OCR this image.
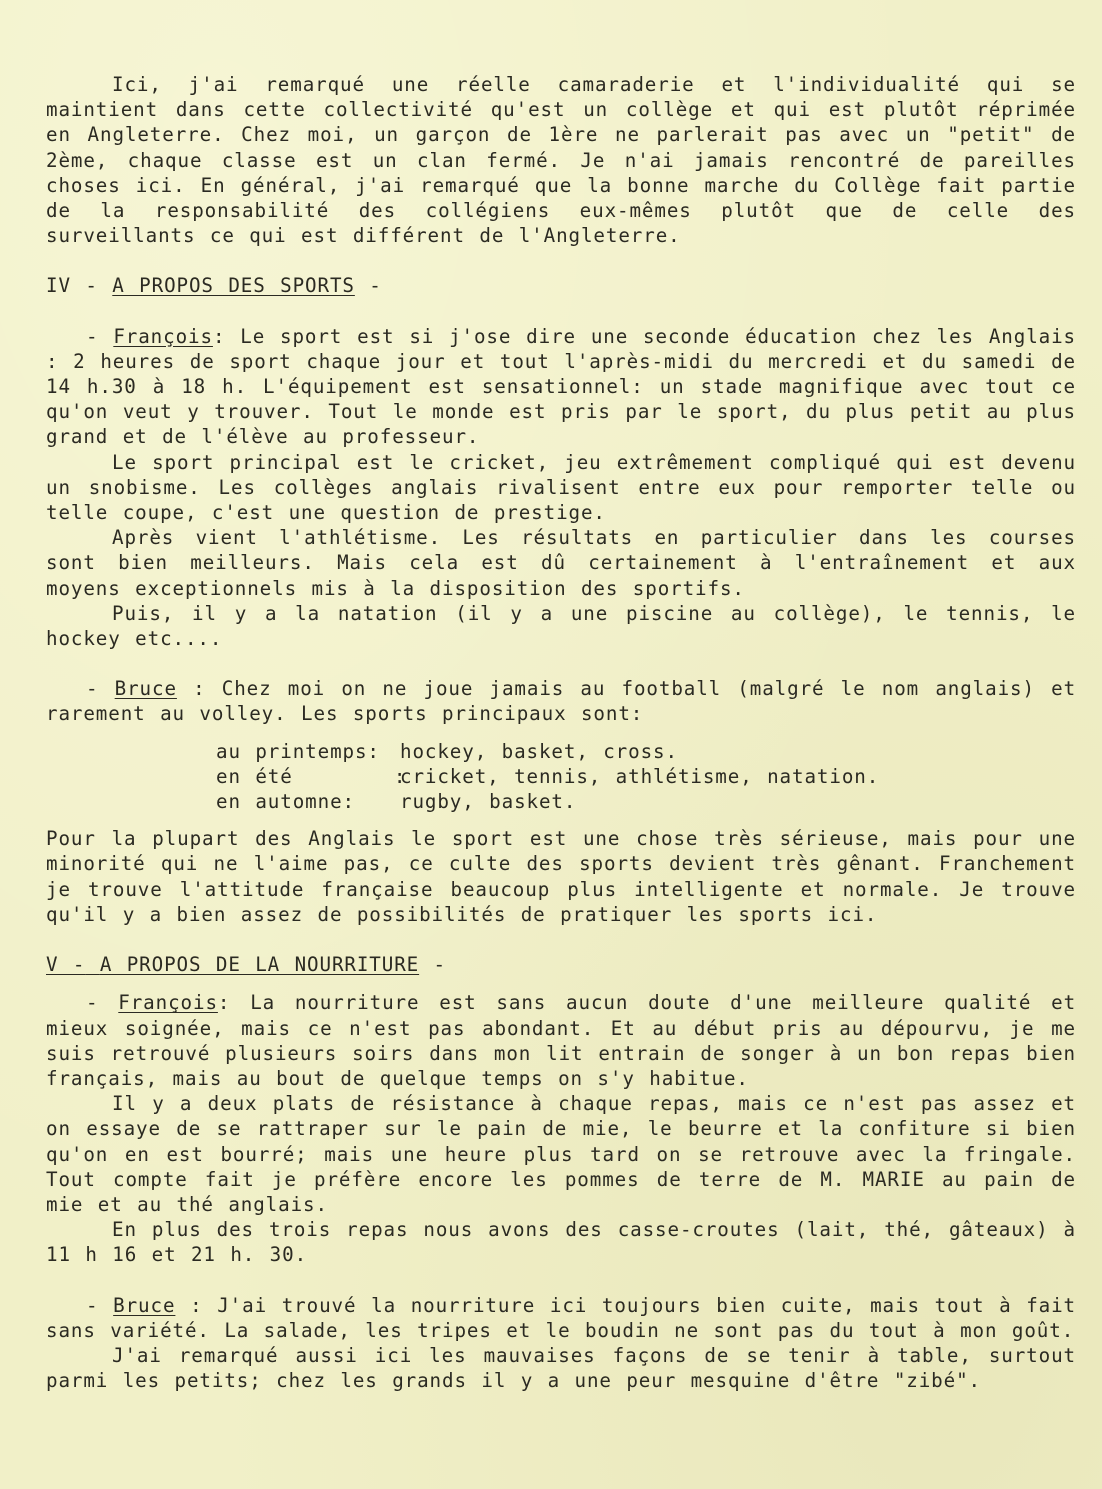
Ici, j'ai remarqué une réelle camaraderie et l'individualité qui se maintient dans cette collectivité qu'est un collège et qui est plutôt réprimée en Angleterre. Chez moi, un garçon de 1ère ne parlerait pas avec un "petit" de 2ème, chaque classe est un clan fermé. Je n'ai jamais rencontré de pareilles choses ici. En général, j'ai remarqué que la bonne marche du Collège fait partie de la responsabilité des collégiens eux-mêmes plutôt que de celle des surveillants ce qui est différent de l'Angleterre.

IV - A PROPOS DES SPORTS -

- François: Le sport est si j'ose dire une seconde éducation chez les Anglais : 2 heures de sport chaque jour et tout l'après-midi du mercredi et du samedi de 14 h.30 à 18 h. L'équipement est sensationnel: un stade magnifique avec tout ce qu'on veut y trouver. Tout le monde est pris par le sport, du plus petit au plus grand et de l'élève au professeur.

Le sport principal est le cricket, jeu extrêmement compliqué qui est devenu un snobisme. Les collèges anglais rivalisent entre eux pour remporter telle ou telle coupe, c'est une question de prestige.

Après vient l'athlétisme. Les résultats en particulier dans les courses sont bien meilleurs. Mais cela est dû certainement à l'entraînement et aux moyens exceptionnels mis à la disposition des sportifs.

Puis, il y a la natation (il y a une piscine au collège), le tennis, le hockey etc....

- Bruce : Chez moi on ne joue jamais au football (malgré le nom anglais) et rarement au volley. Les sports principaux sont:

au printemps:	hockey, basket, cross.
en été       :
cricket, tennis, athlétisme, natation.
en automne:	rugby, basket.

Pour la plupart des Anglais le sport est une chose très sérieuse, mais pour une minorité qui ne l'aime pas, ce culte des sports devient très gênant. Franchement je trouve l'attitude française beaucoup plus intelligente et normale. Je trouve qu'il y a bien assez de possibilités de pratiquer les sports ici.

V - A PROPOS DE LA NOURRITURE -

- François: La nourriture est sans aucun doute d'une meilleure qualité et mieux soignée, mais ce n'est pas abondant. Et au début pris au dépourvu, je me suis retrouvé plusieurs soirs dans mon lit entrain de songer à un bon repas bien français, mais au bout de quelque temps on s'y habitue.

Il y a deux plats de résistance à chaque repas, mais ce n'est pas assez et on essaye de se rattraper sur le pain de mie, le beurre et la confiture si bien qu'on en est bourré; mais une heure plus tard on se retrouve avec la fringale. Tout compte fait je préfère encore les pommes de terre de M. MARIE au pain de mie et au thé anglais.

En plus des trois repas nous avons des casse-croutes (lait, thé, gâteaux) à 11 h 16 et 21 h. 30.

- Bruce : J'ai trouvé la nourriture ici toujours bien cuite, mais tout à fait sans variété. La salade, les tripes et le boudin ne sont pas du tout à mon goût.

J'ai remarqué aussi ici les mauvaises façons de se tenir à table, surtout parmi les petits; chez les grands il y a une peur mesquine d'être "zibé".
